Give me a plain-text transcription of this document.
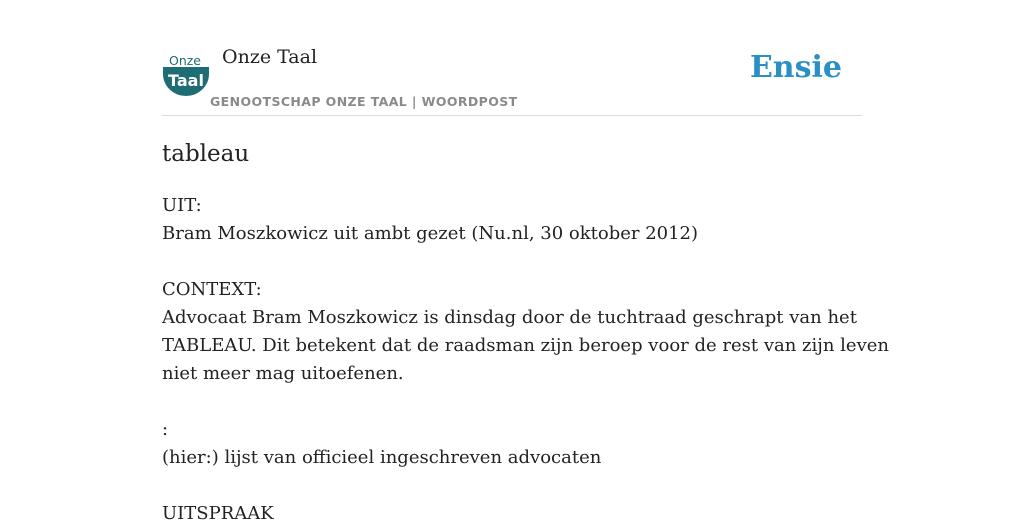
Onze
Taal
Onze Taal
GENOOTSCHAP ONZE TAAL | WOORDPOST
Ensie
tableau
UIT:
Bram Moszkowicz uit ambt gezet (Nu.nl, 30 oktober 2012)
CONTEXT:
Advocaat Bram Moszkowicz is dinsdag door de tuchtraad geschrapt van het
TABLEAU. Dit betekent dat de raadsman zijn beroep voor de rest van zijn leven
niet meer mag uitoefenen.
:
(hier:) lijst van officieel ingeschreven advocaten
UITSPRAAK
